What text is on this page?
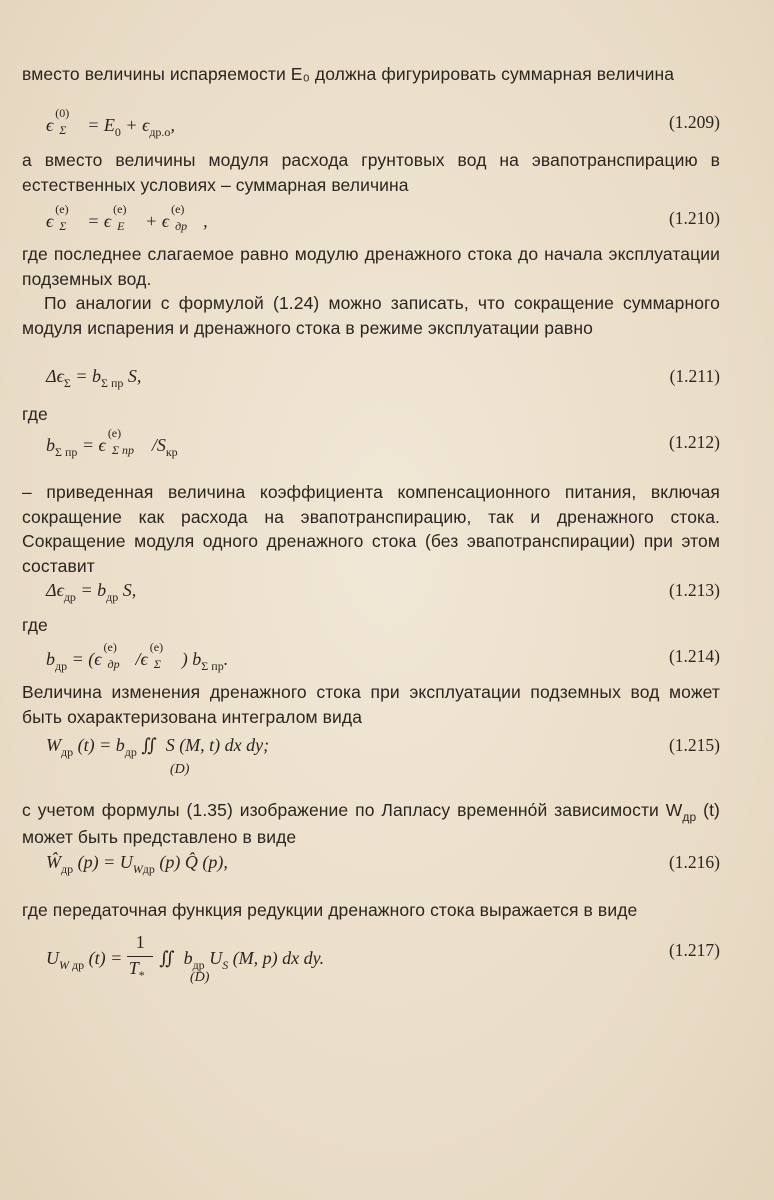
вместо величины испаряемости E₀ должна фигурировать суммарная величина

ϵ
(0)
$\Sigma = E_0 + \epsilon_{др.о}$,	(1.209)

а вместо величины модуля расхода грунтовых вод на эвапотранспирацию в естественных условиях – суммарная величина

ϵ
(e)
Σ = ϵ
(e)
E + ϵ
(e)
др ,	(1.210)

где последнее слагаемое равно модулю дренажного стока до начала эксплуатации подземных вод.

По аналогии с формулой (1.24) можно записать, что сокращение суммарного модуля испарения и дренажного стока в режиме эксплуатации равно

$\Delta\epsilon_\Sigma = b_{\Sigma пр}$ S,	(1.211)

где

$b_{\Sigma пр} = \epsilon$
(e)
Σ пр $/S_{кр}$
(1.212)

– приведенная величина коэффициента компенсационного питания, включая сокращение как расхода на эвапотранспирацию, так и дренажного стока. Сокращение модуля одного дренажного стока (без эвапотранспирации) при этом составит

$\Delta\epsilon_{др} = b_{др}$ S,	(1.213)

где

$b_{др} = (\epsilon$
(e)
др /ϵ
(e)
Σ ) $b_{\Sigma пр}$.	(1.214)

Величина изменения дренажного стока при эксплуатации подземных вод может быть охарактеризована интегралом вида

$W_{др}$ $(t) = b_{др}$ ∬  S (M, t) dx dy;
(D)
(1.215)

с учетом формулы (1.35) изображение по Лапласу временно́й зависимости $W_{др}$ (t) может быть представлено в виде

$Ŵ_{др}$ $(p) = U_{Wдр}$ (p) Q̂ (p),	(1.216)

где передаточная функция редукции дренажного стока выражается в виде

$U_{W др}$ $(t) = \frac{1}{T_*}$ ∬  $b_{др}$ $U_S$ (M, p) dx dy.
(D)
(1.217)
